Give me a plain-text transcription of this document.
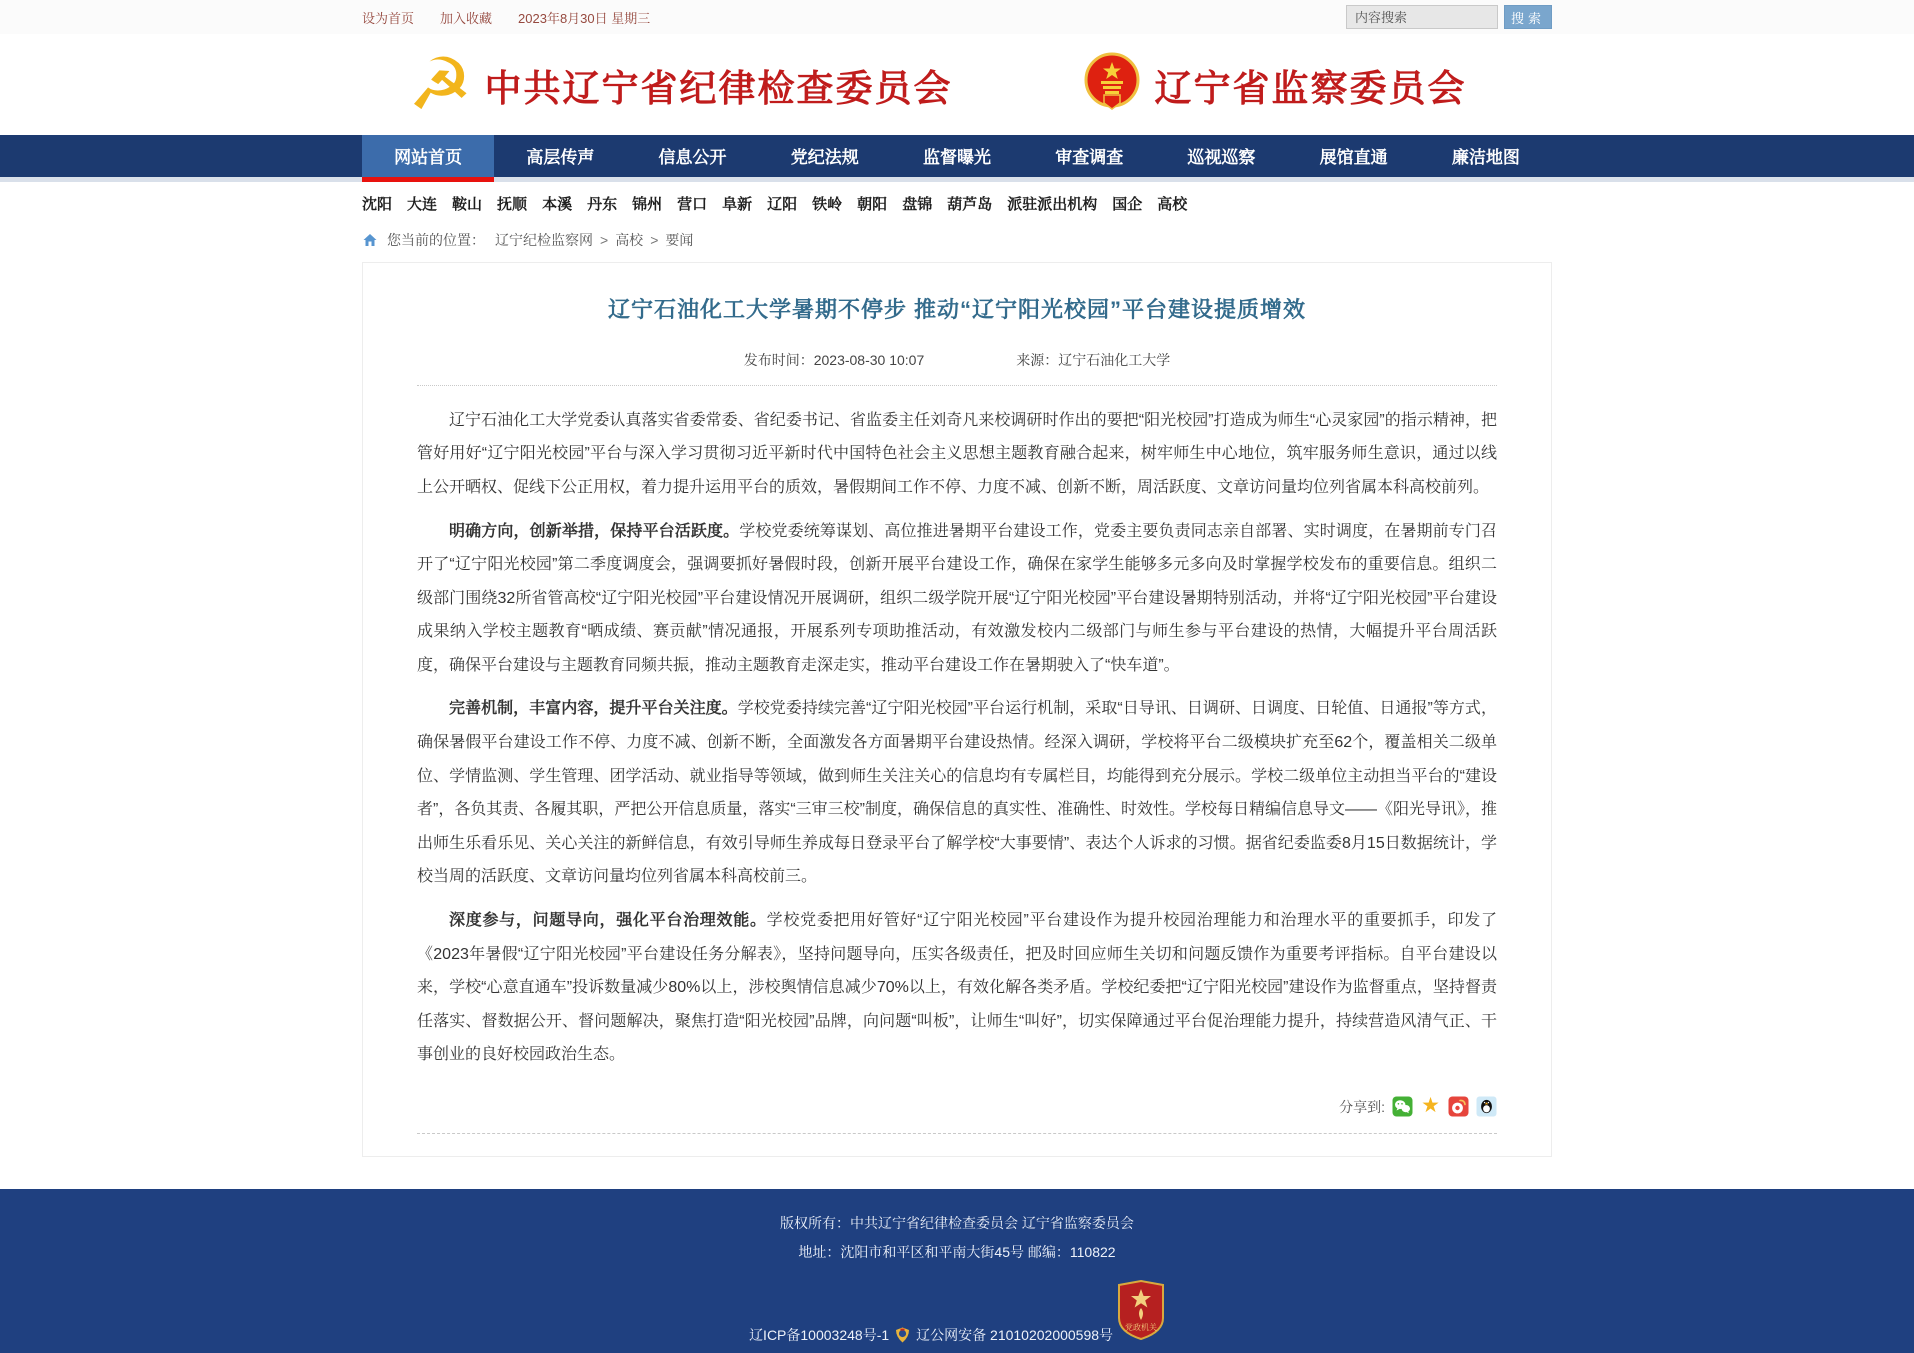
设为首页 加入收藏 2023年8月30日 星期三
内容搜索	搜索
☭ 中共辽宁省纪律检查委员会	辽宁省监察委员会
网站首页	高层传声	信息公开	党纪法规	监督曝光	审查调查	巡视巡察	展馆直通	廉洁地图
沈阳 大连 鞍山 抚顺 本溪 丹东 锦州 营口 阜新 辽阳 铁岭 朝阳 盘锦 葫芦岛 派驻派出机构 国企 高校
您当前的位置： 辽宁纪检监察网 > 高校 > 要闻
辽宁石油化工大学暑期不停步 推动“辽宁阳光校园”平台建设提质增效
发布时间：2023-08-30 10:07	来源：辽宁石油化工大学

辽宁石油化工大学党委认真落实省委常委、省纪委书记、省监委主任刘奇凡来校调研时作出的要把“阳光校园”打造成为师生“心灵家园”的指示精神，把管好用好“辽宁阳光校园”平台与深入学习贯彻习近平新时代中国特色社会主义思想主题教育融合起来，树牢师生中心地位，筑牢服务师生意识，通过以线上公开晒权、促线下公正用权，着力提升运用平台的质效，暑假期间工作不停、力度不减、创新不断，周活跃度、文章访问量均位列省属本科高校前列。

明确方向，创新举措，保持平台活跃度。学校党委统筹谋划、高位推进暑期平台建设工作，党委主要负责同志亲自部署、实时调度，在暑期前专门召开了“辽宁阳光校园”第二季度调度会，强调要抓好暑假时段，创新开展平台建设工作，确保在家学生能够多元多向及时掌握学校发布的重要信息。组织二级部门围绕32所省管高校“辽宁阳光校园”平台建设情况开展调研，组织二级学院开展“辽宁阳光校园”平台建设暑期特别活动，并将“辽宁阳光校园”平台建设成果纳入学校主题教育“晒成绩、赛贡献”情况通报，开展系列专项助推活动，有效激发校内二级部门与师生参与平台建设的热情，大幅提升平台周活跃度，确保平台建设与主题教育同频共振，推动主题教育走深走实，推动平台建设工作在暑期驶入了“快车道”。

完善机制，丰富内容，提升平台关注度。学校党委持续完善“辽宁阳光校园”平台运行机制，采取“日导讯、日调研、日调度、日轮值、日通报”等方式，确保暑假平台建设工作不停、力度不减、创新不断，全面激发各方面暑期平台建设热情。经深入调研，学校将平台二级模块扩充至62个，覆盖相关二级单位、学情监测、学生管理、团学活动、就业指导等领域，做到师生关注关心的信息均有专属栏目，均能得到充分展示。学校二级单位主动担当平台的“建设者”，各负其责、各履其职，严把公开信息质量，落实“三审三校”制度，确保信息的真实性、准确性、时效性。学校每日精编信息导文——《阳光导讯》，推出师生乐看乐见、关心关注的新鲜信息，有效引导师生养成每日登录平台了解学校“大事要情”、表达个人诉求的习惯。据省纪委监委8月15日数据统计，学校当周的活跃度、文章访问量均位列省属本科高校前三。

深度参与，问题导向，强化平台治理效能。学校党委把用好管好“辽宁阳光校园”平台建设作为提升校园治理能力和治理水平的重要抓手，印发了《2023年暑假“辽宁阳光校园”平台建设任务分解表》，坚持问题导向，压实各级责任，把及时回应师生关切和问题反馈作为重要考评指标。自平台建设以来，学校“心意直通车”投诉数量减少80%以上，涉校舆情信息减少70%以上，有效化解各类矛盾。学校纪委把“辽宁阳光校园”建设作为监督重点，坚持督责任落实、督数据公开、督问题解决，聚焦打造“阳光校园”品牌，向问题“叫板”，让师生“叫好”，切实保障通过平台促治理能力提升，持续营造风清气正、干事创业的良好校园政治生态。

分享到: ★
版权所有：中共辽宁省纪律检查委员会 辽宁省监察委员会
地址：沈阳市和平区和平南大街45号 邮编：110822
辽ICP备10003248号-1 辽公网安备 21010202000598号
党政机关
